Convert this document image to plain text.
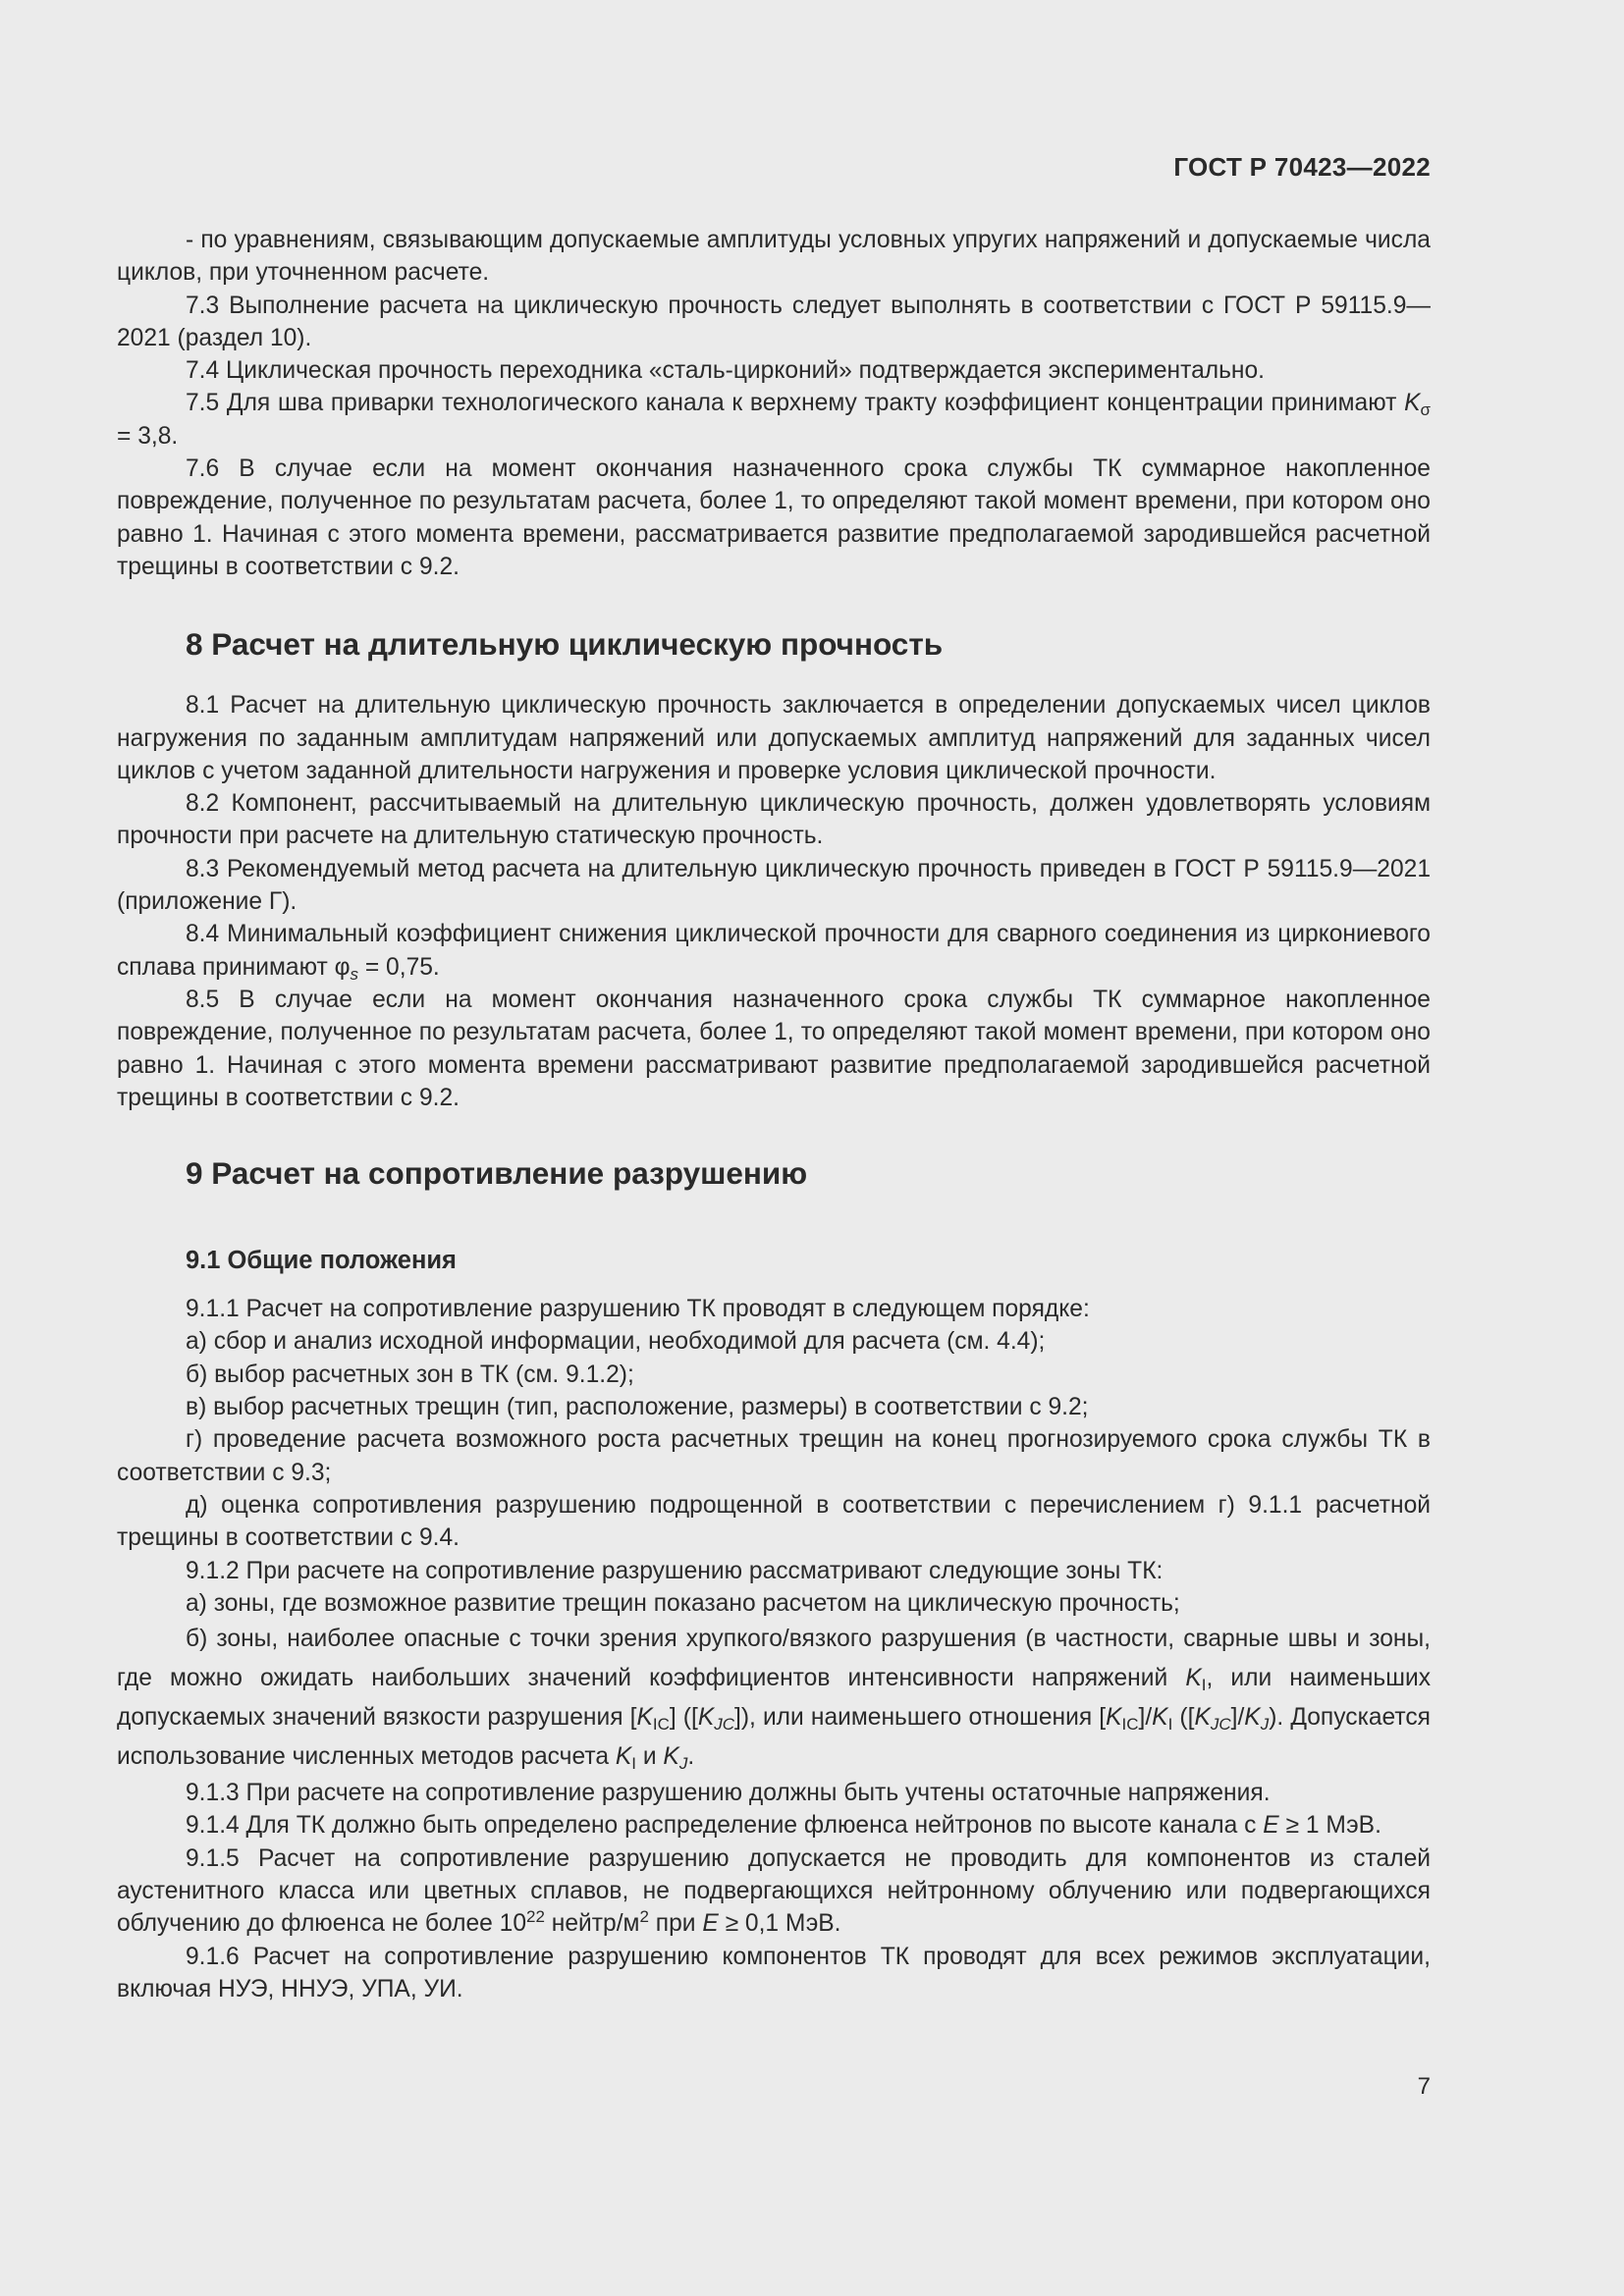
ГОСТ Р 70423—2022

- по уравнениям, связывающим допускаемые амплитуды условных упругих напряжений и допускаемые числа циклов, при уточненном расчете.

7.3 Выполнение расчета на циклическую прочность следует выполнять в соответствии с ГОСТ Р 59115.9—2021 (раздел 10).

7.4 Циклическая прочность переходника «сталь-цирконий» подтверждается экспериментально.

7.5 Для шва приварки технологического канала к верхнему тракту коэффициент концентрации принимают $K_\sigma = 3,8$.

7.6 В случае если на момент окончания назначенного срока службы ТК суммарное накопленное повреждение, полученное по результатам расчета, более 1, то определяют такой момент времени, при котором оно равно 1. Начиная с этого момента времени, рассматривается развитие предполагаемой зародившейся расчетной трещины в соответствии с 9.2.

8 Расчет на длительную циклическую прочность

8.1 Расчет на длительную циклическую прочность заключается в определении допускаемых чисел циклов нагружения по заданным амплитудам напряжений или допускаемых амплитуд напряжений для заданных чисел циклов с учетом заданной длительности нагружения и проверке условия циклической прочности.

8.2 Компонент, рассчитываемый на длительную циклическую прочность, должен удовлетворять условиям прочности при расчете на длительную статическую прочность.

8.3 Рекомендуемый метод расчета на длительную циклическую прочность приведен в ГОСТ Р 59115.9—2021 (приложение Г).

8.4 Минимальный коэффициент снижения циклической прочности для сварного соединения из циркониевого сплава принимают $\varphi_s = 0,75$.

8.5 В случае если на момент окончания назначенного срока службы ТК суммарное накопленное повреждение, полученное по результатам расчета, более 1, то определяют такой момент времени, при котором оно равно 1. Начиная с этого момента времени рассматривают развитие предполагаемой зародившейся расчетной трещины в соответствии с 9.2.

9 Расчет на сопротивление разрушению
9.1 Общие положения

9.1.1 Расчет на сопротивление разрушению ТК проводят в следующем порядке:

а) сбор и анализ исходной информации, необходимой для расчета (см. 4.4);

б) выбор расчетных зон в ТК (см. 9.1.2);

в) выбор расчетных трещин (тип, расположение, размеры) в соответствии с 9.2;

г) проведение расчета возможного роста расчетных трещин на конец прогнозируемого срока службы ТК в соответствии с 9.3;

д) оценка сопротивления разрушению подрощенной в соответствии с перечислением г) 9.1.1 расчетной трещины в соответствии с 9.4.

9.1.2 При расчете на сопротивление разрушению рассматривают следующие зоны ТК:

а) зоны, где возможное развитие трещин показано расчетом на циклическую прочность;

б) зоны, наиболее опасные с точки зрения хрупкого/вязкого разрушения (в частности, сварные швы и зоны, где можно ожидать наибольших значений коэффициентов интенсивности напряжений $K_I$, или наименьших допускаемых значений вязкости разрушения $[K_{IC}]$ $([K_{JC}])$, или наименьшего отношения $[K_{IC}]/K_I$ $([K_{JC}]/K_J)$. Допускается использование численных методов расчета $K_I$ и $K_J$.

9.1.3 При расчете на сопротивление разрушению должны быть учтены остаточные напряжения.

9.1.4 Для ТК должно быть определено распределение флюенса нейтронов по высоте канала с E ≥ 1 МэВ.

9.1.5 Расчет на сопротивление разрушению допускается не проводить для компонентов из сталей аустенитного класса или цветных сплавов, не подвергающихся нейтронному облучению или подвергающихся облучению до флюенса не более $10^{22}$ нейтр/$м^2$ при E ≥ 0,1 МэВ.

9.1.6 Расчет на сопротивление разрушению компонентов ТК проводят для всех режимов эксплуатации, включая НУЭ, ННУЭ, УПА, УИ.

7
